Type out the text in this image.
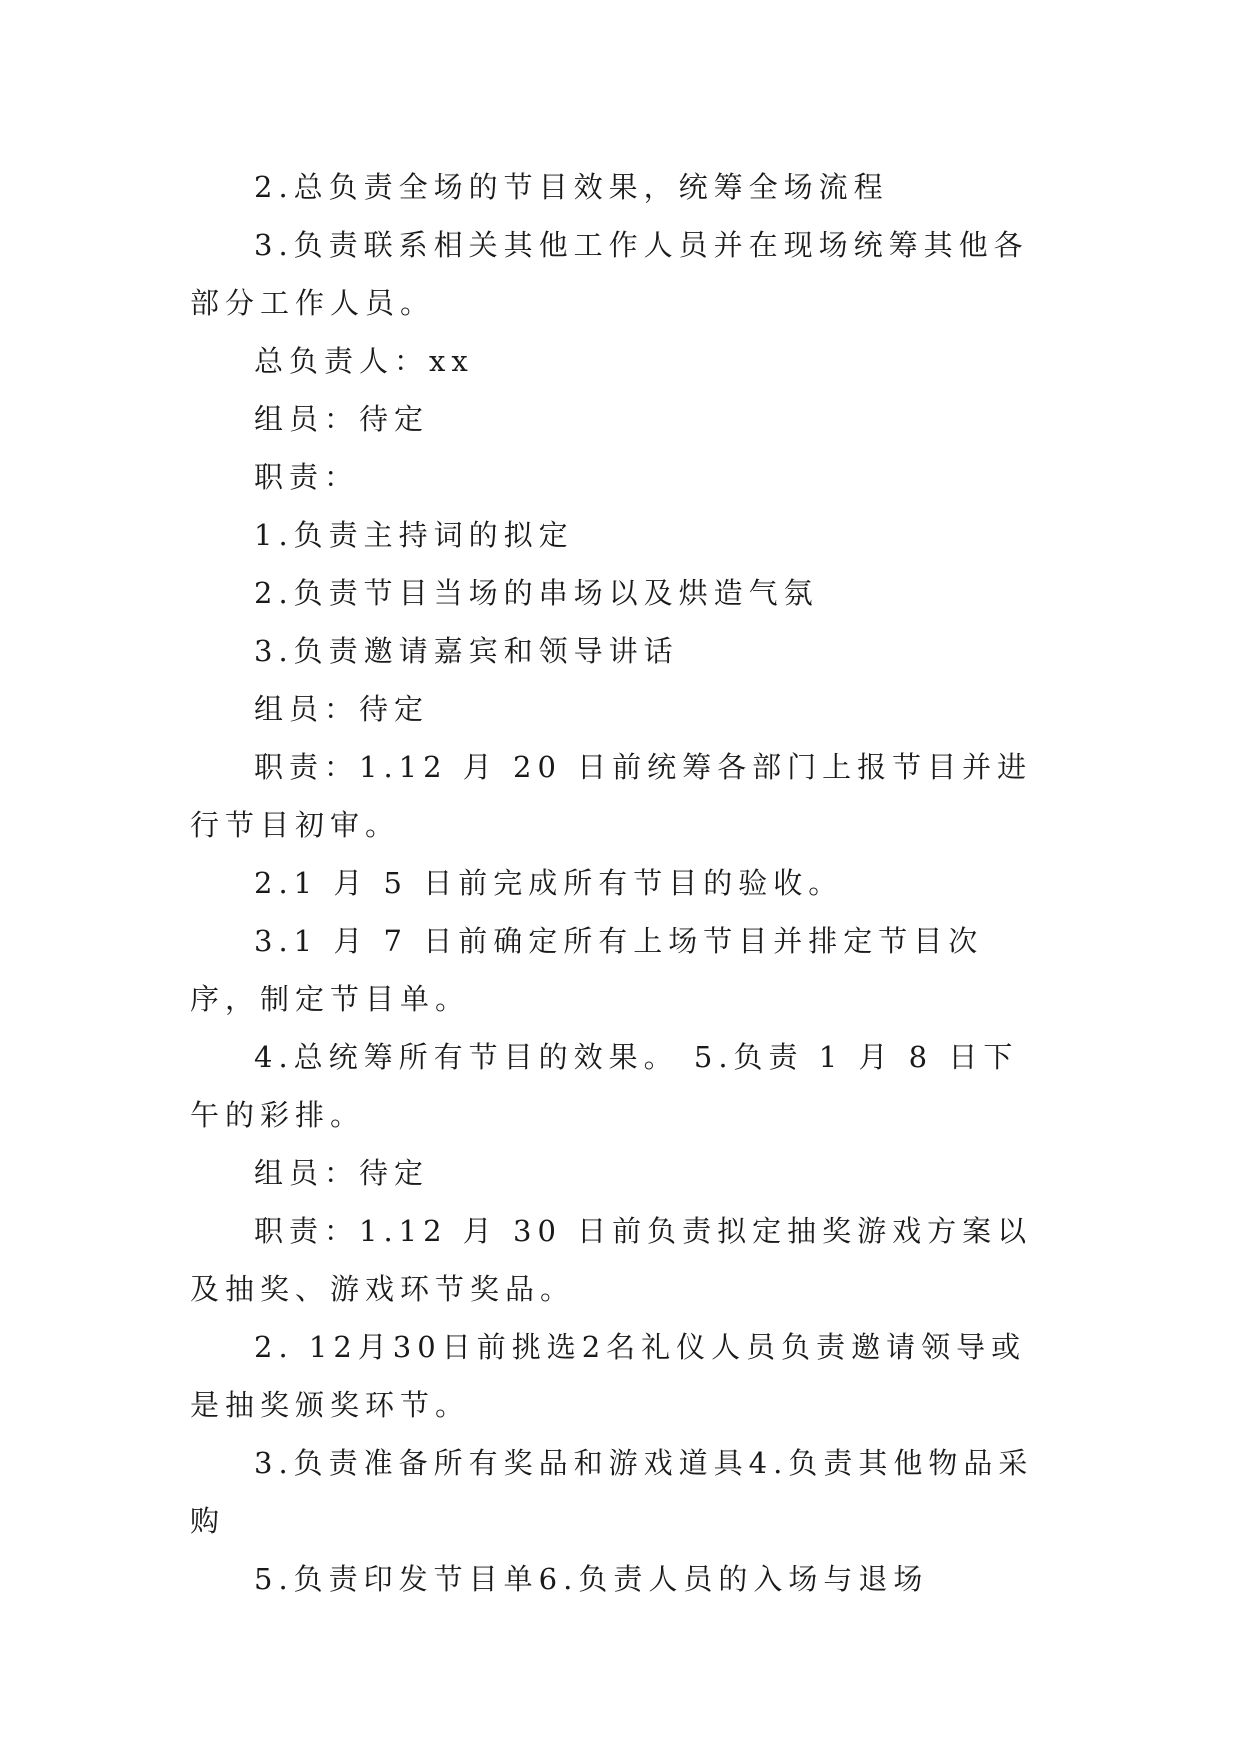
2.总负责全场的节目效果，统筹全场流程

3.负责联系相关其他工作人员并在现场统筹其他各部分工作人员。

总负责人：xx

组员：待定

职责：

1.负责主持词的拟定

2.负责节目当场的串场以及烘造气氛

3.负责邀请嘉宾和领导讲话

组员：待定

职责：1.12 月 20 日前统筹各部门上报节目并进行节目初审。

2.1 月 5 日前完成所有节目的验收。

3.1 月 7 日前确定所有上场节目并排定节目次序，制定节目单。

4.总统筹所有节目的效果。 5.负责 1 月 8 日下午的彩排。

组员：待定

职责：1.12 月 30 日前负责拟定抽奖游戏方案以及抽奖、游戏环节奖品。

2. 12月30日前挑选2名礼仪人员负责邀请领导或是抽奖颁奖环节。

3.负责准备所有奖品和游戏道具4.负责其他物品采购

5.负责印发节目单6.负责人员的入场与退场
